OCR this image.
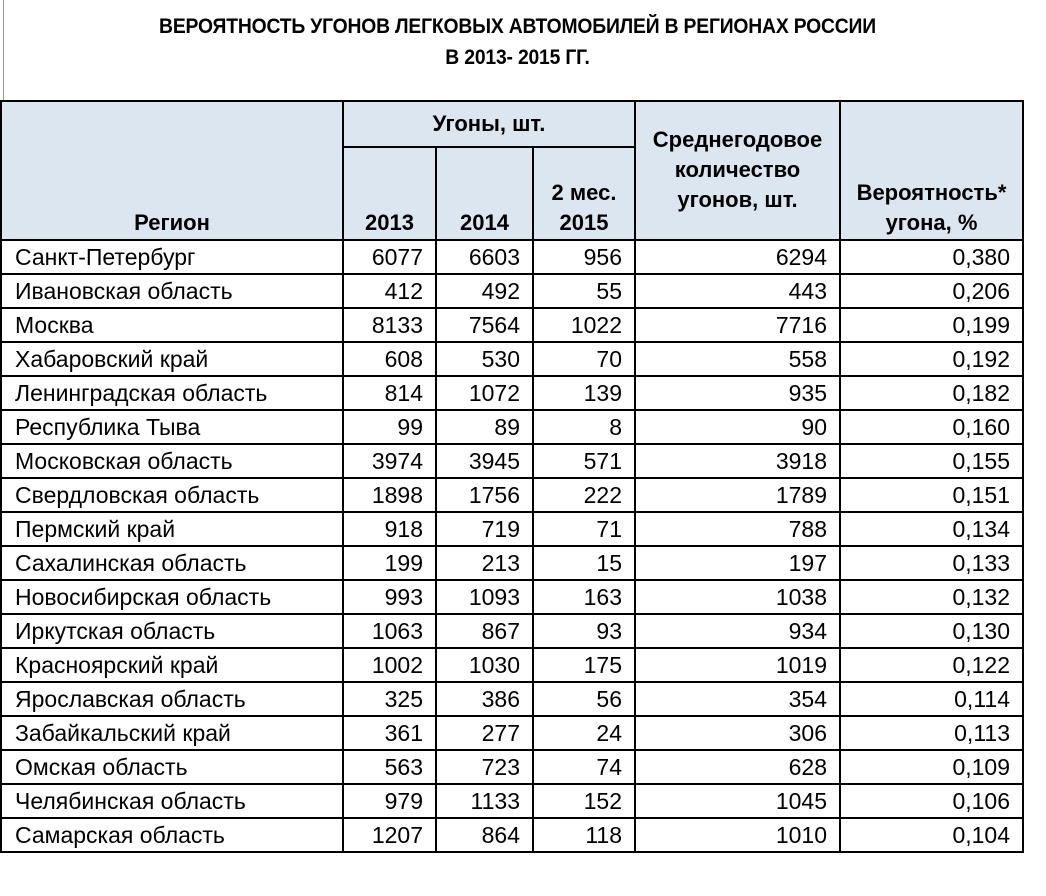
ВЕРОЯТНОСТЬ УГОНОВ ЛЕГКОВЫХ АВТОМОБИЛЕЙ В РЕГИОНАХ РОССИИ
В 2013- 2015 ГГ.
Регион	Угоны, шт.			Среднегодовое количество угонов, шт.	Вероятность* угона, %
	2013	2014	2 мес. 2015		
Санкт-Петербург	6077	6603	956	6294	0,380
Ивановская область	412	492	55	443	0,206
Москва	8133	7564	1022	7716	0,199
Хабаровский край	608	530	70	558	0,192
Ленинградская область	814	1072	139	935	0,182
Республика Тыва	99	89	8	90	0,160
Московская область	3974	3945	571	3918	0,155
Свердловская область	1898	1756	222	1789	0,151
Пермский край	918	719	71	788	0,134
Сахалинская область	199	213	15	197	0,133
Новосибирская область	993	1093	163	1038	0,132
Иркутская область	1063	867	93	934	0,130
Красноярский край	1002	1030	175	1019	0,122
Ярославская область	325	386	56	354	0,114
Забайкальский край	361	277	24	306	0,113
Омская область	563	723	74	628	0,109
Челябинская область	979	1133	152	1045	0,106
Самарская область	1207	864	118	1010	0,104
